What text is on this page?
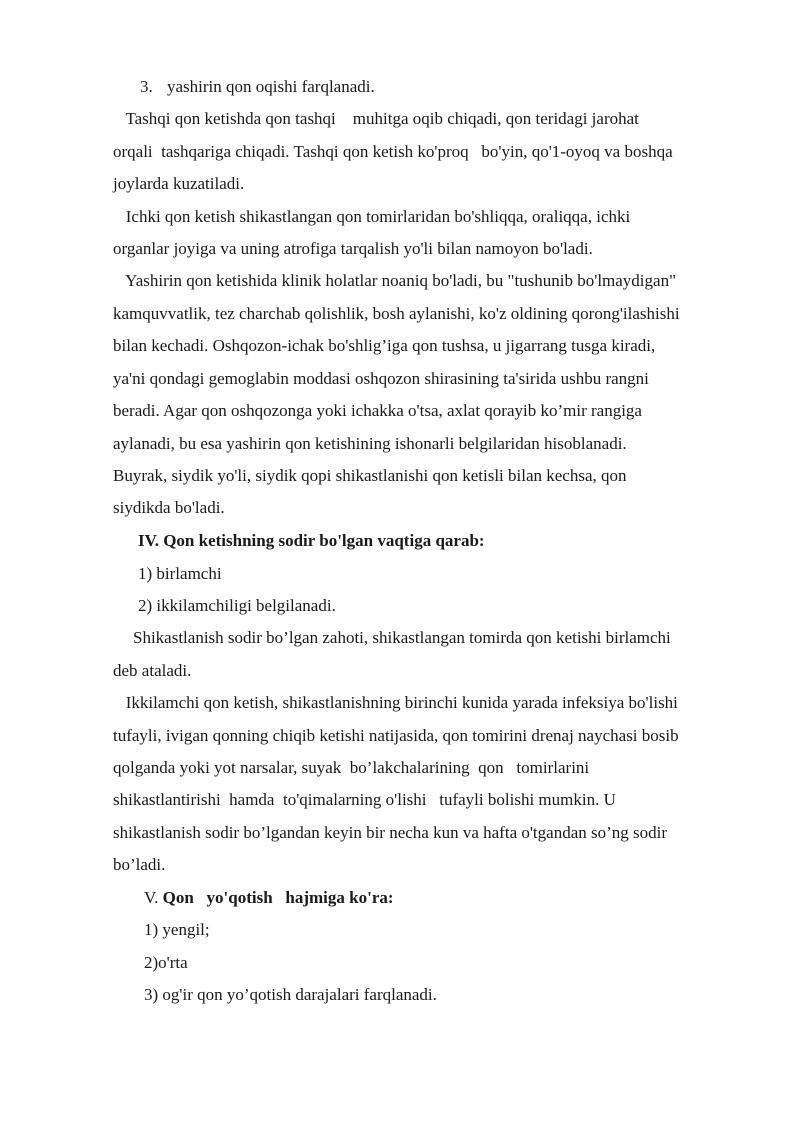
3. yashirin qon oqishi farqlanadi.

Tashqi qon ketishda qon tashqi    muhitga oqib chiqadi, qon teridagi jarohat

orqali  tashqariga chiqadi. Tashqi qon ketish ko'proq   bo'yin, qo'1-oyoq va boshqa

joylarda kuzatiladi.

Ichki qon ketish shikastlangan qon tomirlaridan bo'shliqqa, oraliqqa, ichki

organlar joyiga va uning atrofiga tarqalish yo'li bilan namoyon bo'ladi.

Yashirin qon ketishida klinik holatlar noaniq bo'ladi, bu "tushunib bo'lmaydigan"

kamquvvatlik, tez charchab qolishlik, bosh aylanishi, ko'z oldining qorong'ilashishi

bilan kechadi. Oshqozon-ichak bo'shlig’iga qon tushsa, u jigarrang tusga kiradi,

ya'ni qondagi gemoglabin moddasi oshqozon shirasining ta'sirida ushbu rangni

beradi. Agar qon oshqozonga yoki ichakka o'tsa, axlat qorayib ko’mir rangiga

aylanadi, bu esa yashirin qon ketishining ishonarli belgilaridan hisoblanadi.

Buyrak, siydik yo'li, siydik qopi shikastlanishi qon ketisli bilan kechsa, qon

siydikda bo'ladi.

IV. Qon ketishning sodir bo'lgan vaqtiga qarab:

1) birlamchi

2) ikkilamchiligi belgilanadi.

Shikastlanish sodir bo’lgan zahoti, shikastlangan tomirda qon ketishi birlamchi

deb ataladi.

Ikkilamchi qon ketish, shikastlanishning birinchi kunida yarada infeksiya bo'lishi

tufayli, ivigan qonning chiqib ketishi natijasida, qon tomirini drenaj naychasi bosib

qolganda yoki yot narsalar, suyak  bo’lakchalarining  qon   tomirlarini

shikastlantirishi  hamda  to'qimalarning o'lishi   tufayli bolishi mumkin. U

shikastlanish sodir bo’lgandan keyin bir necha kun va hafta o'tgandan so’ng sodir

bo’ladi.

V. Qon   yo'qotish   hajmiga ko'ra:

1) yengil;

2)o'rta

3) og'ir qon yo’qotish darajalari farqlanadi.
